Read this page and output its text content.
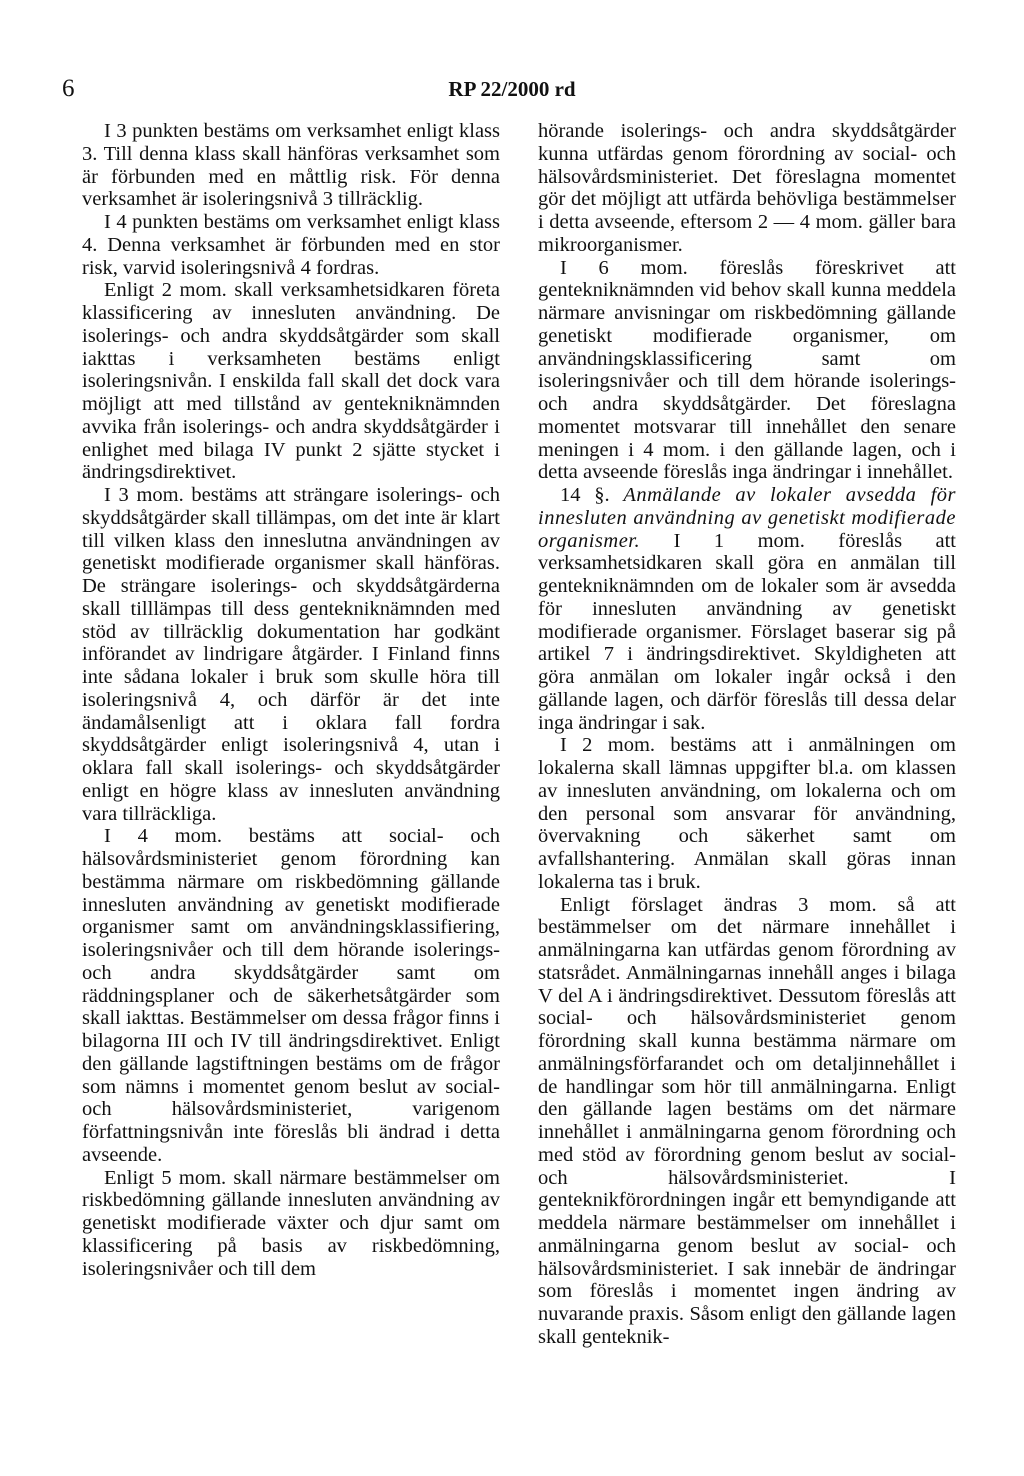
6	RP 22/2000 rd

I 3 punkten bestäms om verksamhet enligt klass 3. Till denna klass skall hänföras verksamhet som är förbunden med en måttlig risk. För denna verksamhet är isoleringsnivå 3 tillräcklig.

I 4 punkten bestäms om verksamhet enligt klass 4. Denna verksamhet är förbunden med en stor risk, varvid isoleringsnivå 4 fordras.

Enligt 2 mom. skall verksamhetsidkaren företa klassificering av innesluten användning. De isolerings- och andra skyddsåtgärder som skall iakttas i verksamheten bestäms enligt isoleringsnivån. I enskilda fall skall det dock vara möjligt att med tillstånd av gentekniknämnden avvika från isolerings- och andra skyddsåtgärder i enlighet med bilaga IV punkt 2 sjätte stycket i ändringsdirektivet.

I 3 mom. bestäms att strängare isolerings- och skyddsåtgärder skall tillämpas, om det inte är klart till vilken klass den inneslutna användningen av genetiskt modifierade organismer skall hänföras. De strängare isolerings- och skyddsåtgärderna skall tilllämpas till dess gentekniknämnden med stöd av tillräcklig dokumentation har godkänt införandet av lindrigare åtgärder. I Finland finns inte sådana lokaler i bruk som skulle höra till isoleringsnivå 4, och därför är det inte ändamålsenligt att i oklara fall fordra skyddsåtgärder enligt isoleringsnivå 4, utan i oklara fall skall isolerings- och skyddsåtgärder enligt en högre klass av innesluten användning vara tillräckliga.

I 4 mom. bestäms att social- och hälsovårdsministeriet genom förordning kan bestämma närmare om riskbedömning gällande innesluten användning av genetiskt modifierade organismer samt om användningsklassifiering, isoleringsnivåer och till dem hörande isolerings- och andra skyddsåtgärder samt om räddningsplaner och de säkerhetsåtgärder som skall iakttas. Bestämmelser om dessa frågor finns i bilagorna III och IV till ändringsdirektivet. Enligt den gällande lagstiftningen bestäms om de frågor som nämns i momentet genom beslut av social- och hälsovårdsministeriet, varigenom författningsnivån inte föreslås bli ändrad i detta avseende.

Enligt 5 mom. skall närmare bestämmelser om riskbedömning gällande innesluten användning av genetiskt modifierade växter och djur samt om klassificering på basis av riskbedömning, isoleringsnivåer och till dem

hörande isolerings- och andra skyddsåtgärder kunna utfärdas genom förordning av social- och hälsovårdsministeriet. Det föreslagna momentet gör det möjligt att utfärda behövliga bestämmelser i detta avseende, eftersom 2 — 4 mom. gäller bara mikroorganismer.

I 6 mom. föreslås föreskrivet att gentekniknämnden vid behov skall kunna meddela närmare anvisningar om riskbedömning gällande genetiskt modifierade organismer, om användningsklassificering samt om isoleringsnivåer och till dem hörande isolerings- och andra skyddsåtgärder. Det föreslagna momentet motsvarar till innehållet den senare meningen i 4 mom. i den gällande lagen, och i detta avseende föreslås inga ändringar i innehållet.

14 §. Anmälande av lokaler avsedda för innesluten användning av genetiskt modifierade organismer. I 1 mom. föreslås att verksamhetsidkaren skall göra en anmälan till gentekniknämnden om de lokaler som är avsedda för innesluten användning av genetiskt modifierade organismer. Förslaget baserar sig på artikel 7 i ändringsdirektivet. Skyldigheten att göra anmälan om lokaler ingår också i den gällande lagen, och därför föreslås till dessa delar inga ändringar i sak.

I 2 mom. bestäms att i anmälningen om lokalerna skall lämnas uppgifter bl.a. om klassen av innesluten användning, om lokalerna och om den personal som ansvarar för användning, övervakning och säkerhet samt om avfallshantering. Anmälan skall göras innan lokalerna tas i bruk.

Enligt förslaget ändras 3 mom. så att bestämmelser om det närmare innehållet i anmälningarna kan utfärdas genom förordning av statsrådet. Anmälningarnas innehåll anges i bilaga V del A i ändringsdirektivet. Dessutom föreslås att social- och hälsovårdsministeriet genom förordning skall kunna bestämma närmare om anmälningsförfarandet och om detaljinnehållet i de handlingar som hör till anmälningarna. Enligt den gällande lagen bestäms om det närmare innehållet i anmälningarna genom förordning och med stöd av förordning genom beslut av social- och hälsovårdsministeriet. I genteknikförordningen ingår ett bemyndigande att meddela närmare bestämmelser om innehållet i anmälningarna genom beslut av social- och hälsovårdsministeriet. I sak innebär de ändringar som föreslås i momentet ingen ändring av nuvarande praxis. Såsom enligt den gällande lagen skall genteknik-
